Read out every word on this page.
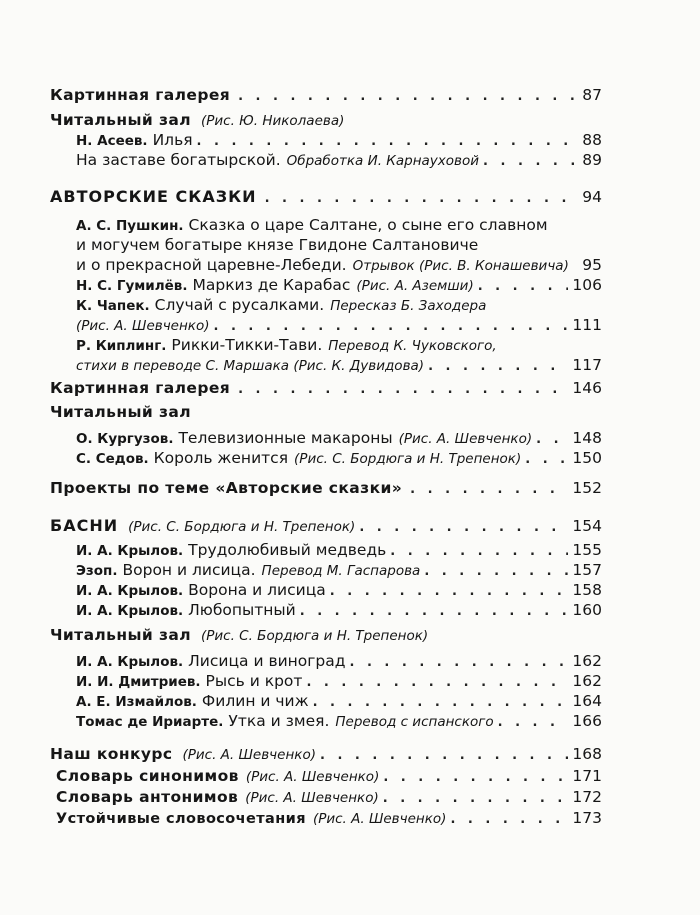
Картинная галерея . . .	87
Читальный зал (Рис. Ю. Николаева)
Н. Асеев. Илья . . .	88
На заставе богатырской. Обработка И. Карнауховой . . .	89
АВТОРСКИЕ СКАЗКИ . . .	94
А. С. Пушкин. Сказка о царе Салтане, о сыне его славном
и могучем богатыре князе Гвидоне Салтановиче
и о прекрасной царевне-Лебеди. Отрывок (Рис. В. Конашевича) 95
Н. С. Гумилёв. Маркиз де Карабас (Рис. А. Аземши) . . .	106
К. Чапек. Случай с русалками. Пересказ Б. Заходера
(Рис. А. Шевченко) . . .	111
Р. Киплинг. Рикки-Тикки-Тави. Перевод К. Чуковского,
стихи в переводе С. Маршака (Рис. К. Дувидова) . . .	117
Картинная галерея . . .	146
Читальный зал
О. Кургузов. Телевизионные макароны (Рис. А. Шевченко) . . .	148
С. Седов. Король женится (Рис. С. Бордюга и Н. Трепенок) . . .	150
Проекты по теме «Авторские сказки» . . .	152
БАСНИ (Рис. С. Бордюга и Н. Трепенок) . . .	154
И. А. Крылов. Трудолюбивый медведь . . .	155
Эзоп. Ворон и лисица. Перевод М. Гаспарова . . .	157
И. А. Крылов. Ворона и лисица . . .	158
И. А. Крылов. Любопытный . . .	160
Читальный зал (Рис. С. Бордюга и Н. Трепенок)
И. А. Крылов. Лисица и виноград . . .	162
И. И. Дмитриев. Рысь и крот . . .	162
А. Е. Измайлов. Филин и чиж . . .	164
Томас де Ириарте. Утка и змея. Перевод с испанского . . .	166
Наш конкурс (Рис. А. Шевченко) . . .	168
Словарь синонимов (Рис. А. Шевченко) . . .	171
Словарь антонимов (Рис. А. Шевченко) . . .	172
Устойчивые словосочетания (Рис. А. Шевченко) . . .	173
